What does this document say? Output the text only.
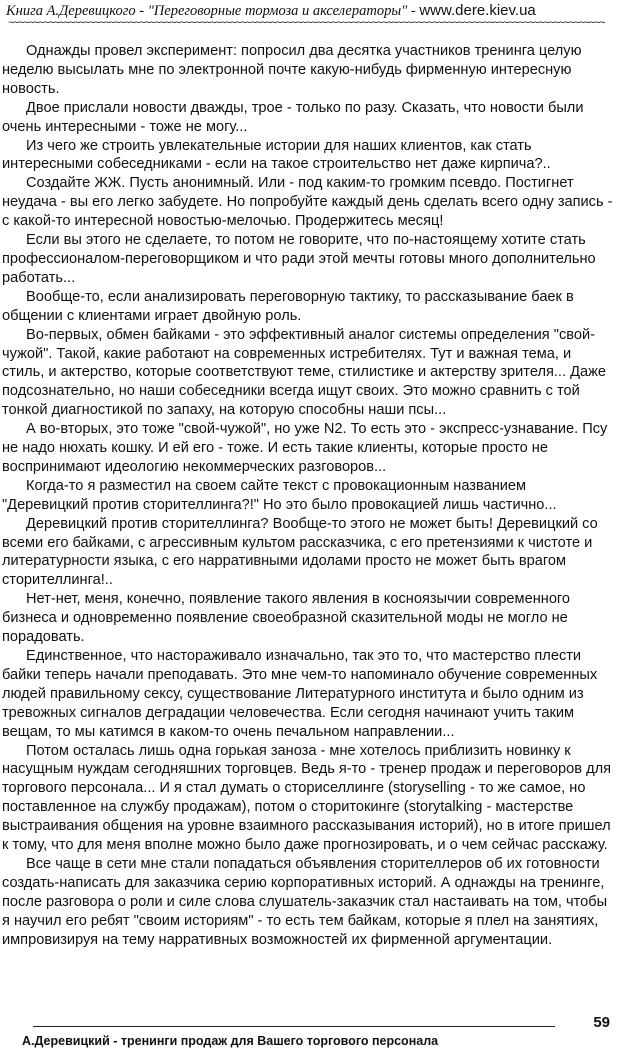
Книга А.Деревицкого - "Переговорные тормоза и акселераторы" - www.dere.kiev.ua
~~~~~~~~~~~~~~~~~~~~~~~~~~~~~~~~~~~~~~~~~~~~~~~~~~~~~~~~~~~~~~~~~~~~~~~~~~~~~~~~~~~~~~~~~~~~~~~~~~~~~~~~~~~~~~~~~~~~~~

Однажды провел эксперимент: попросил два десятка участников тренинга целую неделю высылать мне по электронной почте какую-нибудь фирменную интересную новость.

Двое прислали новости дважды, трое - только по разу. Сказать, что новости были очень интересными - тоже не могу...

Из чего же строить увлекательные истории для наших клиентов, как стать интересными собеседниками - если на такое строительство нет даже кирпича?..

Создайте ЖЖ. Пусть анонимный. Или - под каким-то громким псевдо. Постигнет неудача - вы его легко забудете. Но попробуйте каждый день сделать всего одну запись - с какой-то интересной новостью-мелочью. Продержитесь месяц!

Если вы этого не сделаете, то потом не говорите, что по-настоящему хотите стать профессионалом-переговорщиком и что ради этой мечты готовы много дополнительно работать...

Вообще-то, если анализировать переговорную тактику, то рассказывание баек в общении с клиентами играет двойную роль.

Во-первых, обмен байками - это эффективный аналог системы определения "свой-чужой". Такой, какие работают на современных истребителях. Тут и важная тема, и стиль, и актерство, которые соответствуют теме, стилистике и актерству зрителя... Даже подсознательно, но наши собеседники всегда ищут своих. Это можно сравнить с той тонкой диагностикой по запаху, на которую способны наши псы...

А во-вторых, это тоже "свой-чужой", но уже N2. То есть это - экспресс-узнавание. Псу не надо нюхать кошку. И ей его - тоже. И есть такие клиенты, которые просто не воспринимают идеологию некоммерческих разговоров...

Когда-то я разместил на своем сайте текст с провокационным названием "Деревицкий против сторителлинга?!" Но это было провокацией лишь частично...

Деревицкий против сторителлинга? Вообще-то этого не может быть! Деревицкий со всеми его байками, с агрессивным культом рассказчика, с его претензиями к чистоте и литературности языка, с его нарративными идолами просто не может быть врагом сторителлинга!..

Нет-нет, меня, конечно, появление такого явления в косноязычии современного бизнеса и одновременно появление своеобразной сказительной моды не могло не порадовать.

Единственное, что настораживало изначально, так это то, что мастерство плести байки теперь начали преподавать. Это мне чем-то напоминало обучение современных людей правильному сексу, существование Литературного института и было одним из тревожных сигналов деградации человечества. Если сегодня начинают учить таким вещам, то мы катимся в каком-то очень печальном направлении...

Потом осталась лишь одна горькая заноза - мне хотелось приблизить новинку к насущным нуждам сегодняшних торговцев. Ведь я-то - тренер продаж и переговоров для торгового персонала... И я стал думать о сториселлинге (storyselling - то же самое, но поставленное на службу продажам), потом о сторитокинге (storytalking - мастерстве выстраивания общения на уровне взаимного рассказывания историй), но в итоге пришел к тому, что для меня вполне можно было даже прогнозировать, и о чем сейчас расскажу.

Все чаще в сети мне стали попадаться объявления сторителлеров об их готовности создать-написать для заказчика серию корпоративных историй. А однажды на тренинге, после разговора о роли и силе слова слушатель-заказчик стал настаивать на том, чтобы я научил его ребят "своим историям" - то есть тем байкам, которые я плел на занятиях, импровизируя на тему нарративных возможностей их фирменной аргументации.

59
А.Деревицкий - тренинги продаж для Вашего торгового персонала
